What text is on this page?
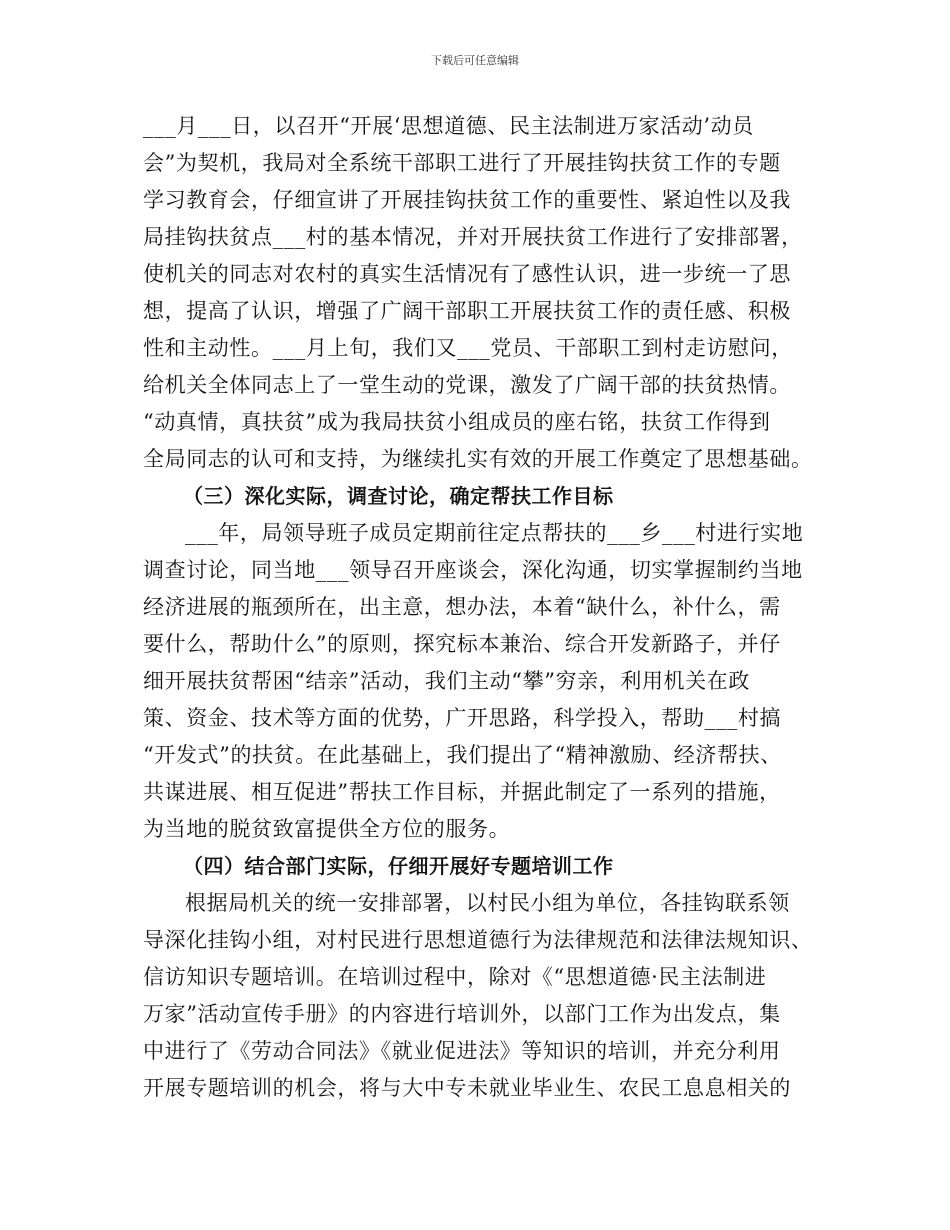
下载后可任意编辑
___月___日，以召开“开展‘思想道德、民主法制进万家活动’动员
会”为契机，我局对全系统干部职工进行了开展挂钩扶贫工作的专题
学习教育会，仔细宣讲了开展挂钩扶贫工作的重要性、紧迫性以及我
局挂钩扶贫点___村的基本情况，并对开展扶贫工作进行了安排部署，
使机关的同志对农村的真实生活情况有了感性认识，进一步统一了思
想，提高了认识，增强了广阔干部职工开展扶贫工作的责任感、积极
性和主动性。___月上旬，我们又___党员、干部职工到村走访慰问，
给机关全体同志上了一堂生动的党课，激发了广阔干部的扶贫热情。
“动真情，真扶贫”成为我局扶贫小组成员的座右铭，扶贫工作得到
全局同志的认可和支持，为继续扎实有效的开展工作奠定了思想基础。
（三）深化实际，调查讨论，确定帮扶工作目标
___年，局领导班子成员定期前往定点帮扶的___乡___村进行实地
调查讨论，同当地___领导召开座谈会，深化沟通，切实掌握制约当地
经济进展的瓶颈所在，出主意，想办法，本着“缺什么，补什么，需
要什么，帮助什么”的原则，探究标本兼治、综合开发新路子，并仔
细开展扶贫帮困“结亲”活动，我们主动“攀”穷亲，利用机关在政
策、资金、技术等方面的优势，广开思路，科学投入，帮助___村搞
“开发式”的扶贫。在此基础上，我们提出了“精神激励、经济帮扶、
共谋进展、相互促进”帮扶工作目标，并据此制定了一系列的措施，
为当地的脱贫致富提供全方位的服务。
（四）结合部门实际，仔细开展好专题培训工作
根据局机关的统一安排部署，以村民小组为单位，各挂钩联系领
导深化挂钩小组，对村民进行思想道德行为法律规范和法律法规知识、
信访知识专题培训。在培训过程中，除对《“思想道德·民主法制进
万家”活动宣传手册》的内容进行培训外，以部门工作为出发点，集
中进行了《劳动合同法》《就业促进法》等知识的培训，并充分利用
开展专题培训的机会，将与大中专未就业毕业生、农民工息息相关的
